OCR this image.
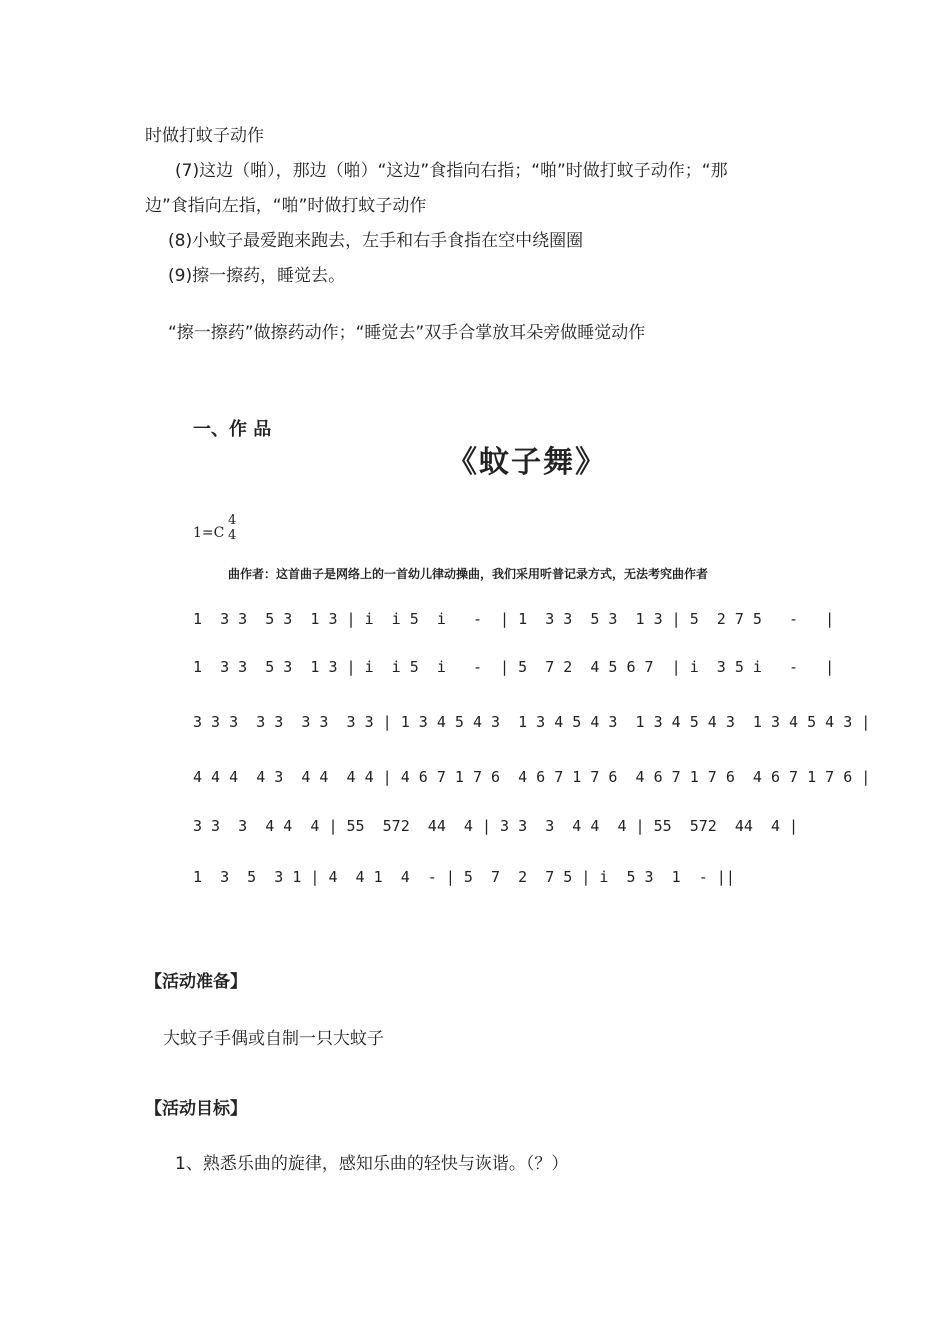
时做打蚊子动作
(7)这边（啪），那边（啪）“这边”食指向右指；“啪”时做打蚊子动作；“那
边”食指向左指，“啪”时做打蚊子动作
(8)小蚊子最爱跑来跑去，左手和右手食指在空中绕圈圈
(9)擦一擦药，睡觉去。
“擦一擦药”做擦药动作；“睡觉去”双手合掌放耳朵旁做睡觉动作
一、作 品
《蚊子舞》
1=C
4
4
曲作者：这首曲子是网络上的一首幼儿律动操曲，我们采用听普记录方式，无法考究曲作者
1  3 3  5 3  1 3 | i  i 5  i   -  | 1  3 3  5 3  1 3 | 5  2 7 5   -   |
1  3 3  5 3  1 3 | i  i 5  i   -  | 5  7 2  4 5 6 7  | i  3 5 i   -   |
3 3 3  3 3  3 3  3 3 | 1 3 4 5 4 3  1 3 4 5 4 3  1 3 4 5 4 3  1 3 4 5 4 3 |
4 4 4  4 3  4 4  4 4 | 4 6 7 1 7 6  4 6 7 1 7 6  4 6 7 1 7 6  4 6 7 1 7 6 |
3 3  3  4 4  4 | 55  572  44  4 | 3 3  3  4 4  4 | 55  572  44  4 |
1  3  5  3 1 | 4  4 1  4  - | 5  7  2  7 5 | i  5 3  1  - ||
【活动准备】
大蚊子手偶或自制一只大蚊子
【活动目标】
1、熟悉乐曲的旋律，感知乐曲的轻快与诙谐。（？）
